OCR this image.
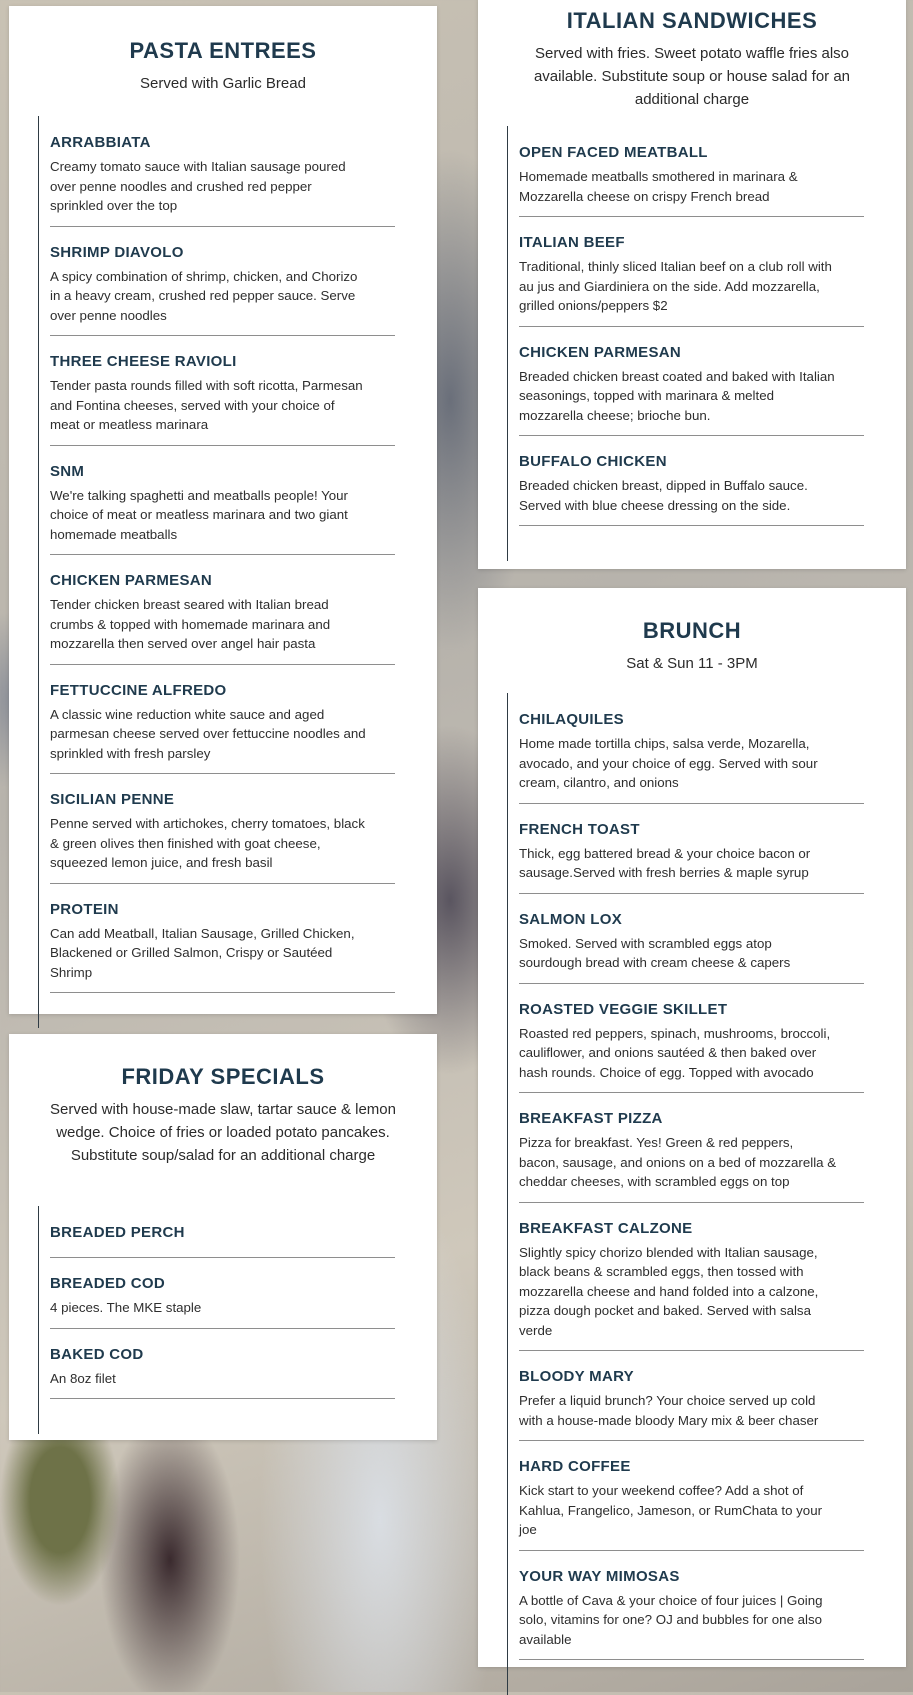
PASTA ENTREES

Served with Garlic Bread

ARRABBIATA

Creamy tomato sauce with Italian sausage poured over penne noodles and crushed red pepper sprinkled over the top

SHRIMP DIAVOLO

A spicy combination of shrimp, chicken, and Chorizo in a heavy cream, crushed red pepper sauce. Serve over penne noodles

THREE CHEESE RAVIOLI

Tender pasta rounds filled with soft ricotta, Parmesan and Fontina cheeses, served with your choice of meat or meatless marinara

SNM

We're talking spaghetti and meatballs people! Your choice of meat or meatless marinara and two giant homemade meatballs

CHICKEN PARMESAN

Tender chicken breast seared with Italian bread crumbs & topped with homemade marinara and mozzarella then served over angel hair pasta

FETTUCCINE ALFREDO

A classic wine reduction white sauce and aged parmesan cheese served over fettuccine noodles and sprinkled with fresh parsley

SICILIAN PENNE

Penne served with artichokes, cherry tomatoes, black & green olives then finished with goat cheese, squeezed lemon juice, and fresh basil

PROTEIN

Can add Meatball, Italian Sausage, Grilled Chicken, Blackened or Grilled Salmon, Crispy or Sautéed Shrimp

FRIDAY SPECIALS

Served with house-made slaw, tartar sauce & lemon wedge. Choice of fries or loaded potato pancakes. Substitute soup/salad for an additional charge

BREADED PERCH
BREADED COD

4 pieces. The MKE staple

BAKED COD

An 8oz filet

ITALIAN SANDWICHES

Served with fries. Sweet potato waffle fries also available. Substitute soup or house salad for an additional charge

OPEN FACED MEATBALL

Homemade meatballs smothered in marinara & Mozzarella cheese on crispy French bread

ITALIAN BEEF

Traditional, thinly sliced Italian beef on a club roll with au jus and Giardiniera on the side. Add mozzarella, grilled onions/peppers $2

CHICKEN PARMESAN

Breaded chicken breast coated and baked with Italian seasonings, topped with marinara & melted mozzarella cheese; brioche bun.

BUFFALO CHICKEN

Breaded chicken breast, dipped in Buffalo sauce. Served with blue cheese dressing on the side.

BRUNCH

Sat & Sun 11 - 3PM

CHILAQUILES

Home made tortilla chips, salsa verde, Mozarella, avocado, and your choice of egg. Served with sour cream, cilantro, and onions

FRENCH TOAST

Thick, egg battered bread & your choice bacon or sausage.Served with fresh berries & maple syrup

SALMON LOX

Smoked. Served with scrambled eggs atop sourdough bread with cream cheese & capers

ROASTED VEGGIE SKILLET

Roasted red peppers, spinach, mushrooms, broccoli, cauliflower, and onions sautéed & then baked over hash rounds. Choice of egg. Topped with avocado

BREAKFAST PIZZA

Pizza for breakfast. Yes! Green & red peppers, bacon, sausage, and onions on a bed of mozzarella & cheddar cheeses, with scrambled eggs on top

BREAKFAST CALZONE

Slightly spicy chorizo blended with Italian sausage, black beans & scrambled eggs, then tossed with mozzarella cheese and hand folded into a calzone, pizza dough pocket and baked. Served with salsa verde

BLOODY MARY

Prefer a liquid brunch? Your choice served up cold with a house-made bloody Mary mix & beer chaser

HARD COFFEE

Kick start to your weekend coffee? Add a shot of Kahlua, Frangelico, Jameson, or RumChata to your joe

YOUR WAY MIMOSAS

A bottle of Cava & your choice of four juices | Going solo, vitamins for one? OJ and bubbles for one also available
